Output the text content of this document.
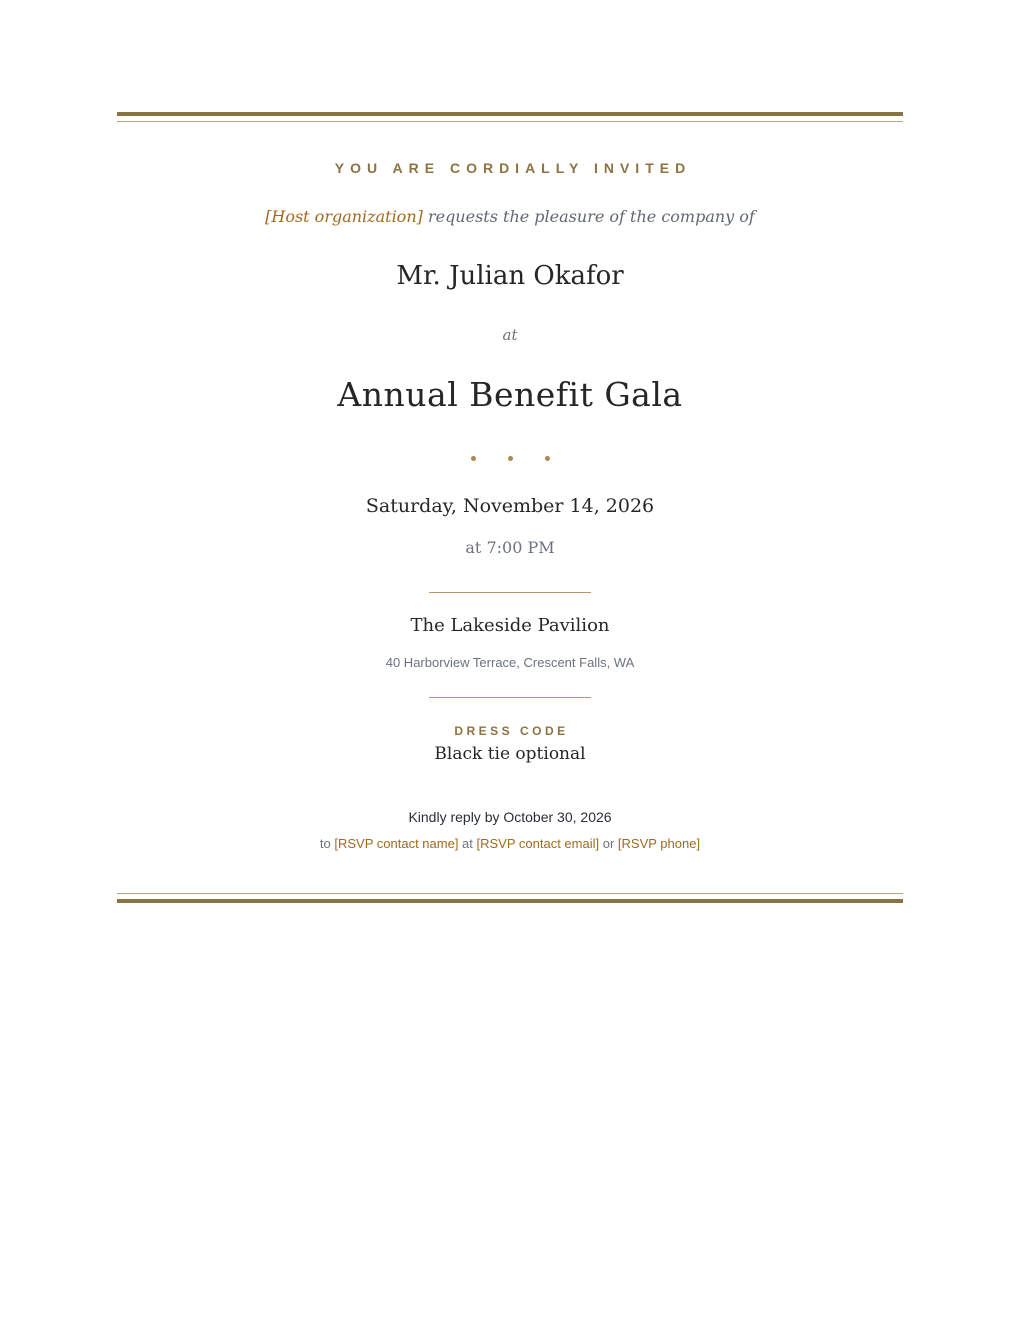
YOU ARE CORDIALLY INVITED
[Host organization] requests the pleasure of the company of
Mr. Julian Okafor
at
Annual Benefit Gala
Saturday, November 14, 2026
at 7:00 PM
The Lakeside Pavilion
40 Harborview Terrace, Crescent Falls, WA
DRESS CODE
Black tie optional
Kindly reply by October 30, 2026
to [RSVP contact name] at [RSVP contact email] or [RSVP phone]
